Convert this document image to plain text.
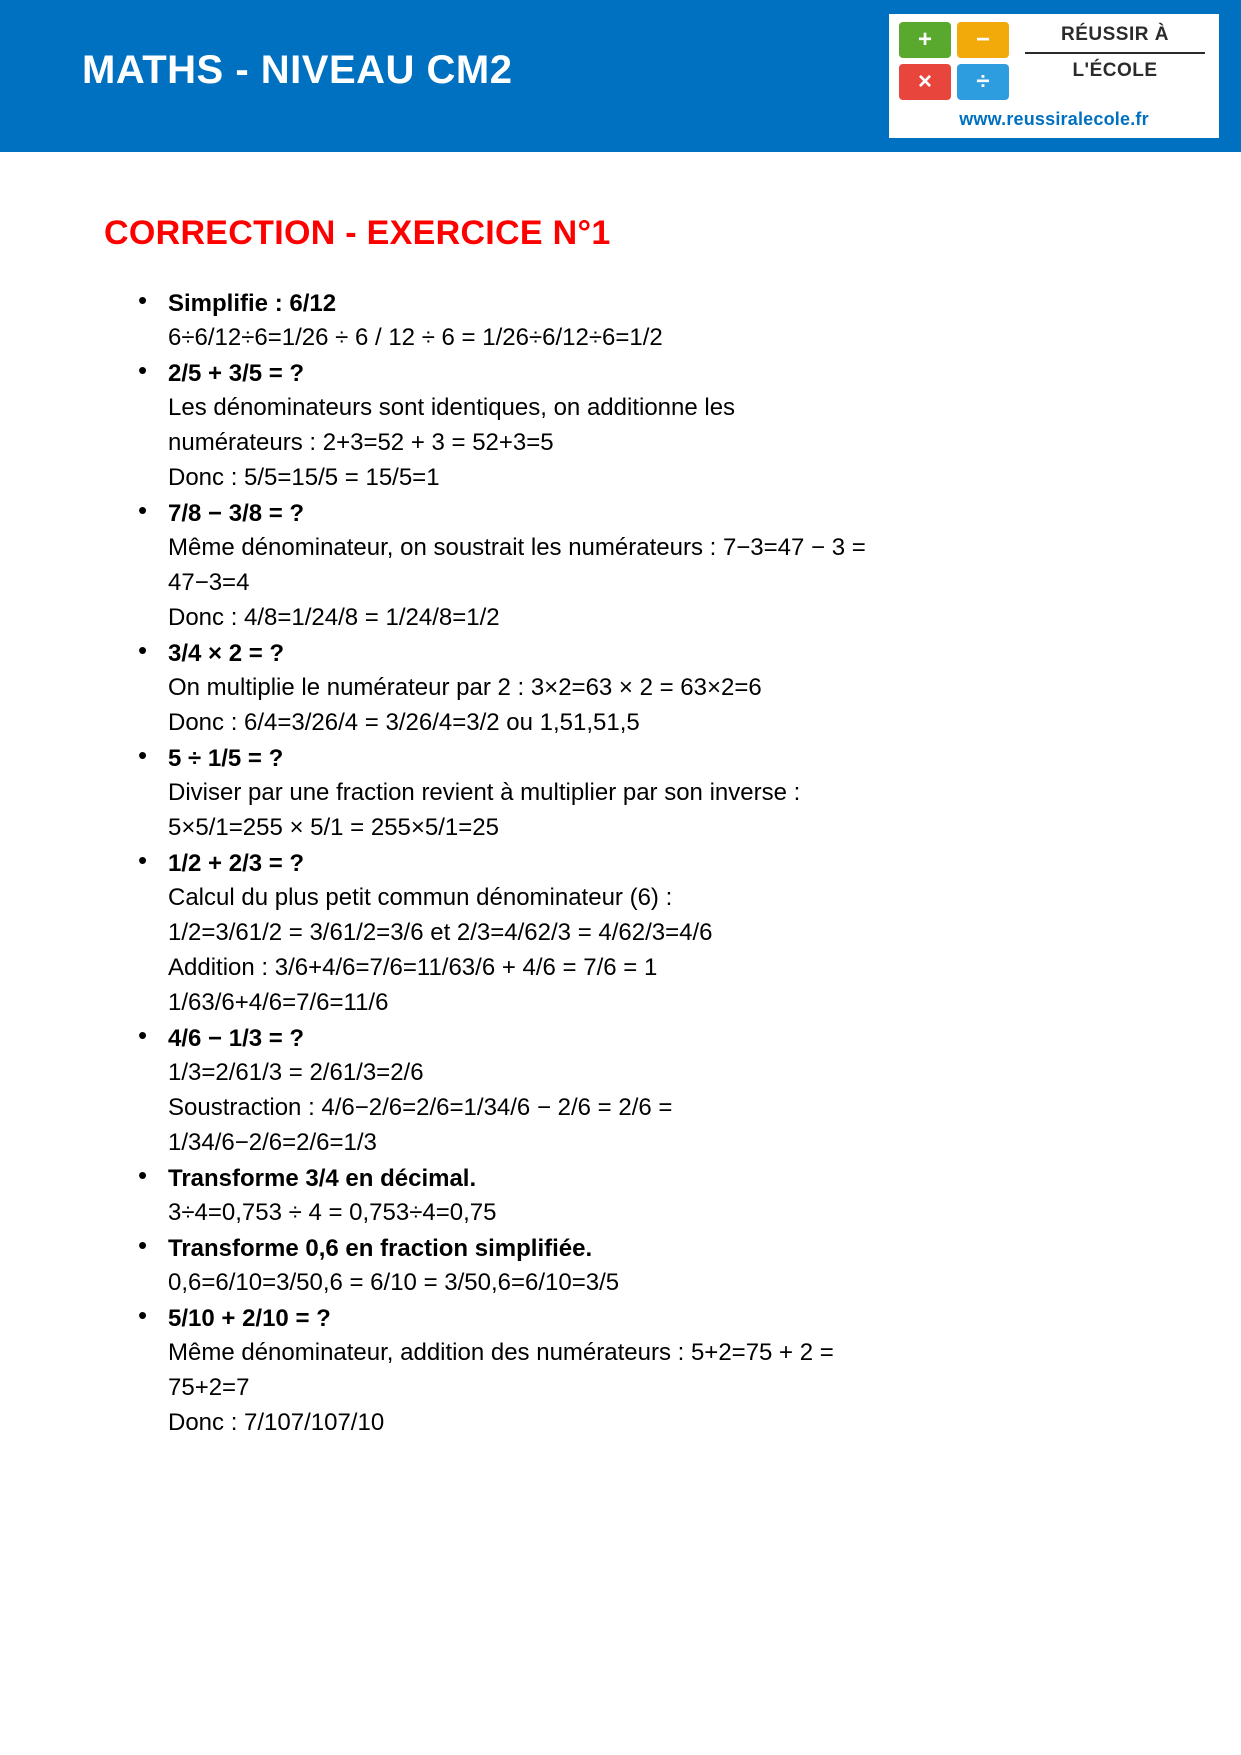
MATHS - NIVEAU CM2
+	−
×	÷
RÉUSSIR À
L'ÉCOLE
www.reussiralecole.fr
CORRECTION - EXERCICE N°1
• Simplifie : 6/12
6÷6/12÷6=1/26 ÷ 6 / 12 ÷ 6 = 1/26÷6/12÷6=1/2
• 2/5 + 3/5 = ?
Les dénominateurs sont identiques, on additionne les
numérateurs : 2+3=52 + 3 = 52+3=5
Donc : 5/5=15/5 = 15/5=1
• 7/8 − 3/8 = ?
Même dénominateur, on soustrait les numérateurs : 7−3=47 − 3 =
47−3=4
Donc : 4/8=1/24/8 = 1/24/8=1/2
• 3/4 × 2 = ?
On multiplie le numérateur par 2 : 3×2=63 × 2 = 63×2=6
Donc : 6/4=3/26/4 = 3/26/4=3/2 ou 1,51,51,5
• 5 ÷ 1/5 = ?
Diviser par une fraction revient à multiplier par son inverse :
5×5/1=255 × 5/1 = 255×5/1=25
• 1/2 + 2/3 = ?
Calcul du plus petit commun dénominateur (6) :
1/2=3/61/2 = 3/61/2=3/6 et 2/3=4/62/3 = 4/62/3=4/6
Addition : 3/6+4/6=7/6=11/63/6 + 4/6 = 7/6 = 1
1/63/6+4/6=7/6=11/6
• 4/6 − 1/3 = ?
1/3=2/61/3 = 2/61/3=2/6
Soustraction : 4/6−2/6=2/6=1/34/6 − 2/6 = 2/6 =
1/34/6−2/6=2/6=1/3
• Transforme 3/4 en décimal.
3÷4=0,753 ÷ 4 = 0,753÷4=0,75
• Transforme 0,6 en fraction simplifiée.
0,6=6/10=3/50,6 = 6/10 = 3/50,6=6/10=3/5
• 5/10 + 2/10 = ?
Même dénominateur, addition des numérateurs : 5+2=75 + 2 =
75+2=7
Donc : 7/107/107/10
